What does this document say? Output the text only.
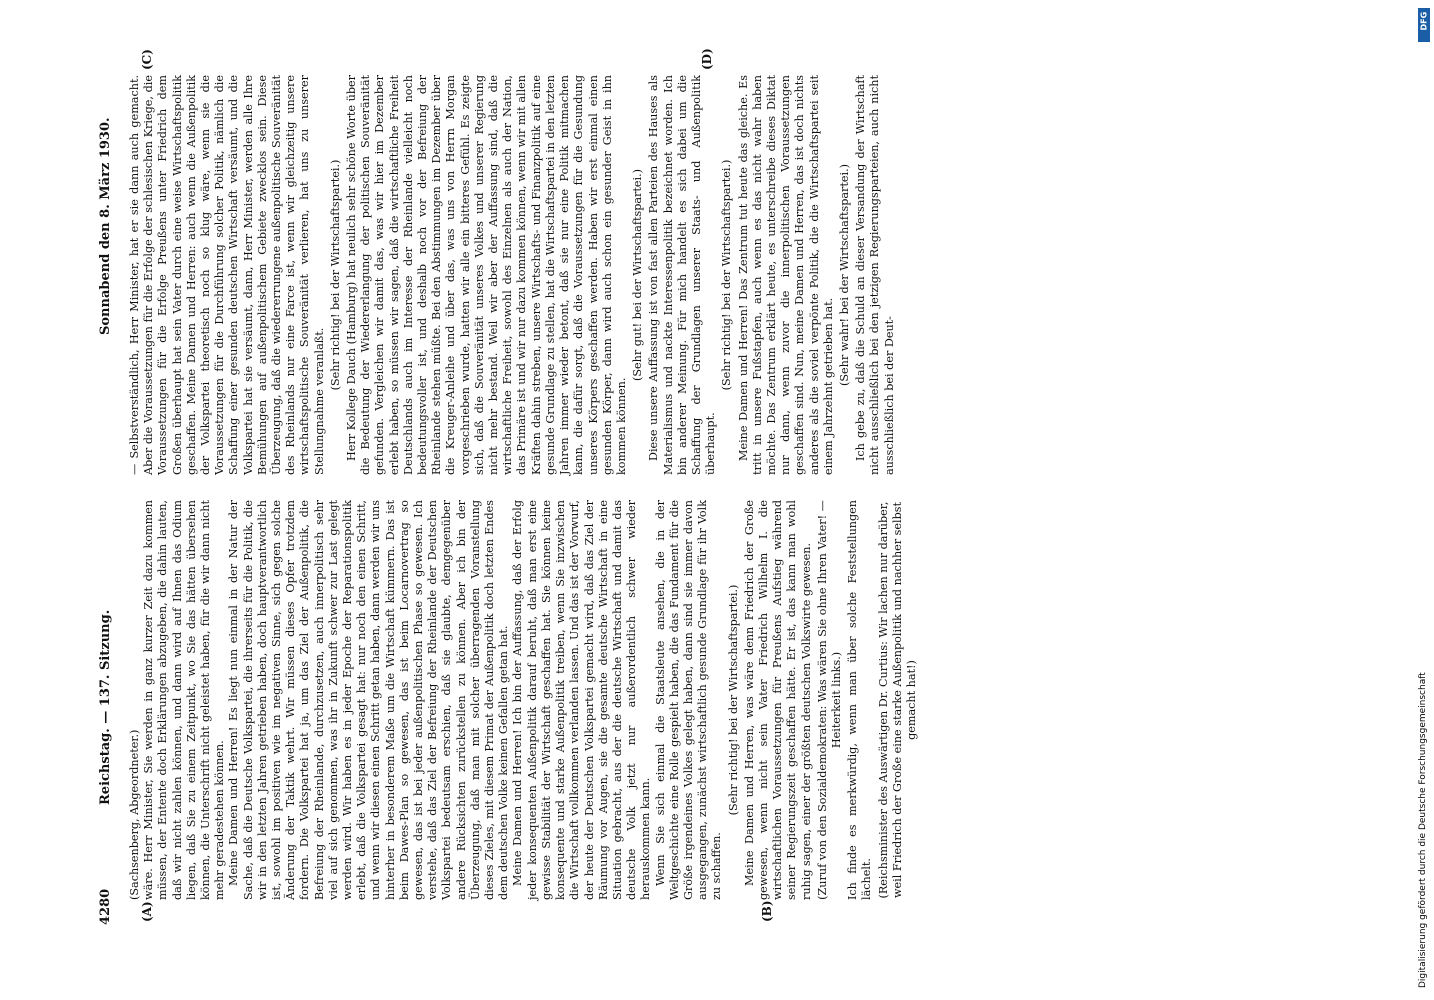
4280
Reichstag. — 137. Sitzung.
Sonnabend den 8. März 1930.
(A)	(B)
(C)	(D)

(Sachsenberg, Abgeordneter.) wäre. Herr Minister, Sie werden in ganz kurzer Zeit dazu kommen müssen, der Entente doch Erklärungen abzugeben, die dahin lauten, daß wir nicht zahlen können, und dann wird auf Ihnen das Odium liegen, daß Sie zu einem Zeitpunkt, wo Sie das hätten übersehen können, die Unterschrift nicht geleistet haben, für die wir dann nicht mehr geradestehen können. Meine Damen und Herren! Es liegt nun einmal in der Natur der Sache, daß die Deutsche Volkspartei, die ihrerseits für die Politik, die wir in den letzten Jahren getrieben haben, doch hauptverantwortlich ist, sowohl im positiven wie im negativen Sinne, sich gegen solche Änderung der Taktik wehrt. Wir müssen dieses Opfer trotzdem fordern. Die Volkspartei hat ja, um das Ziel der Außenpolitik, die Befreiung der Rheinlande, durchzusetzen, auch innerpolitisch sehr viel auf sich genommen, was ihr in Zukunft schwer zur Last gelegt werden wird. Wir haben es in jeder Epoche der Reparationspolitik erlebt, daß die Volkspartei gesagt hat: nur noch den einen Schritt, und wenn wir diesen einen Schritt getan haben, dann werden wir uns hinterher in besonderem Maße um die Wirtschaft kümmern. Das ist beim Dawes-Plan so gewesen, das ist beim Locarnovertrag so gewesen, das ist bei jeder außenpolitischen Phase so gewesen. Ich verstehe, daß das Ziel der Befreiung der Rheinlande der Deutschen Volkspartei bedeutsam erschien, daß sie glaubte, demgegenüber andere Rücksichten zurückstellen zu können. Aber ich bin der Überzeugung, daß man mit solcher überragenden Voranstellung dieses Zieles, mit diesem Primat der Außenpolitik doch letzten Endes dem deutschen Volke keinen Gefallen getan hat. Meine Damen und Herren! Ich bin der Auffassung, daß der Erfolg jeder konsequenten Außenpolitik darauf beruht, daß man erst eine gewisse Stabilität der Wirtschaft geschaffen hat. Sie können keine konsequente und starke Außenpolitik treiben, wenn Sie inzwischen die Wirtschaft vollkommen verlanden lassen. Und das ist der Vorwurf, der heute der Deutschen Volkspartei gemacht wird, daß das Ziel der Räumung vor Augen, sie die gesamte deutsche Wirtschaft in eine Situation gebracht, aus der die deutsche Wirtschaft und damit das deutsche Volk jetzt nur außerordentlich schwer wieder herauskommen kann. Wenn Sie sich einmal die Staatsleute ansehen, die in der Weltgeschichte eine Rolle gespielt haben, die das Fundament für die Größe irgendeines Volkes gelegt haben, dann sind sie immer davon ausgegangen, zunächst wirtschaftlich gesunde Grundlage für ihr Volk zu schaffen.

(Sehr richtig! bei der Wirtschaftspartei.) Meine Damen und Herren, was wäre denn Friedrich der Große gewesen, wenn nicht sein Vater Friedrich Wilhelm I. die wirtschaftlichen Voraussetzungen für Preußens Aufstieg während seiner Regierungszeit geschaffen hätte. Er ist, das kann man wohl ruhig sagen, einer der größten deutschen Volkswirte gewesen. (Zuruf von den Sozialdemokraten: Was wären Sie ohne Ihren Vater! — Heiterkeit links.) Ich finde es merkwürdig, wenn man über solche Feststellungen lächelt. (Reichsminister des Auswärtigen Dr. Curtius: Wir lachen nur darüber, weil Friedrich der Große eine starke Außenpolitik und nachher selbst gemacht hat!)

— Selbstverständlich, Herr Minister, hat er sie dann auch gemacht. Aber die Voraussetzungen für die Erfolge der schlesischen Kriege, die Voraussetzungen für die Erfolge Preußens unter Friedrich dem Großen überhaupt hat sein Vater durch eine weise Wirtschaftspolitik geschaffen. Meine Damen und Herren: auch wenn die Außenpolitik der Volkspartei theoretisch noch so klug wäre, wenn sie die Voraussetzungen für die Durchführung solcher Politik, nämlich die Schaffung einer gesunden deutschen Wirtschaft versäumt, und die Volkspartei hat sie versäumt, dann, Herr Minister, werden alle Ihre Bemühungen auf außenpolitischem Gebiete zwecklos sein. Diese Überzeugung, daß die wiedererrungene außenpolitische Souveränität des Rheinlands nur eine Farce ist, wenn wir gleichzeitig unsere wirtschaftspolitische Souveränität verlieren, hat uns zu unserer Stellungnahme veranlaßt.

(Sehr richtig! bei der Wirtschaftspartei.) Herr Kollege Dauch (Hamburg) hat neulich sehr schöne Worte über die Bedeutung der Wiedererlangung der politischen Souveränität gefunden. Vergleichen wir damit das, was wir hier im Dezember erlebt haben, so müssen wir sagen, daß die wirtschaftliche Freiheit Deutschlands auch im Interesse der Rheinlande vielleicht noch bedeutungsvoller ist, und deshalb noch vor der Befreiung der Rheinlande stehen müßte. Bei den Abstimmungen im Dezember über die Kreuger-Anleihe und über das, was uns von Herrn Morgan vorgeschrieben wurde, hatten wir alle ein bitteres Gefühl. Es zeigte sich, daß die Souveränität unseres Volkes und unserer Regierung nicht mehr bestand. Weil wir aber der Auffassung sind, daß die wirtschaftliche Freiheit, sowohl des Einzelnen als auch der Nation, das Primäre ist und wir nur dazu kommen können, wenn wir mit allen Kräften dahin streben, unsere Wirtschafts- und Finanzpolitik auf eine gesunde Grundlage zu stellen, hat die Wirtschaftspartei in den letzten Jahren immer wieder betont, daß sie nur eine Politik mitmachen kann, die dafür sorgt, daß die Voraussetzungen für die Gesundung unseres Körpers geschaffen werden. Haben wir erst einmal einen gesunden Körper, dann wird auch schon ein gesunder Geist in ihn kommen können.

(Sehr gut! bei der Wirtschaftspartei.) Diese unsere Auffassung ist von fast allen Parteien des Hauses als Materialismus und nackte Interessenpolitik bezeichnet worden. Ich bin anderer Meinung. Für mich handelt es sich dabei um die Schaffung der Grundlagen unserer Staats- und Außenpolitik überhaupt.

(Sehr richtig! bei der Wirtschaftspartei.) Meine Damen und Herren! Das Zentrum tut heute das gleiche. Es tritt in unsere Fußstapfen, auch wenn es das nicht wahr haben möchte. Das Zentrum erklärt heute, es unterschreibe dieses Diktat nur dann, wenn zuvor die innerpolitischen Voraussetzungen geschaffen sind. Nun, meine Damen und Herren, das ist doch nichts anderes als die soviel verpönte Politik, die die Wirtschaftspartei seit einem Jahrzehnt getrieben hat.

(Sehr wahr! bei der Wirtschaftspartei.) Ich gebe zu, daß die Schuld an dieser Versandung der Wirtschaft nicht ausschließlich bei den jetzigen Regierungsparteien, auch nicht ausschließlich bei der Deut-

Digitalisierung gefördert durch die Deutsche Forschungsgemeinschaft
DFG
